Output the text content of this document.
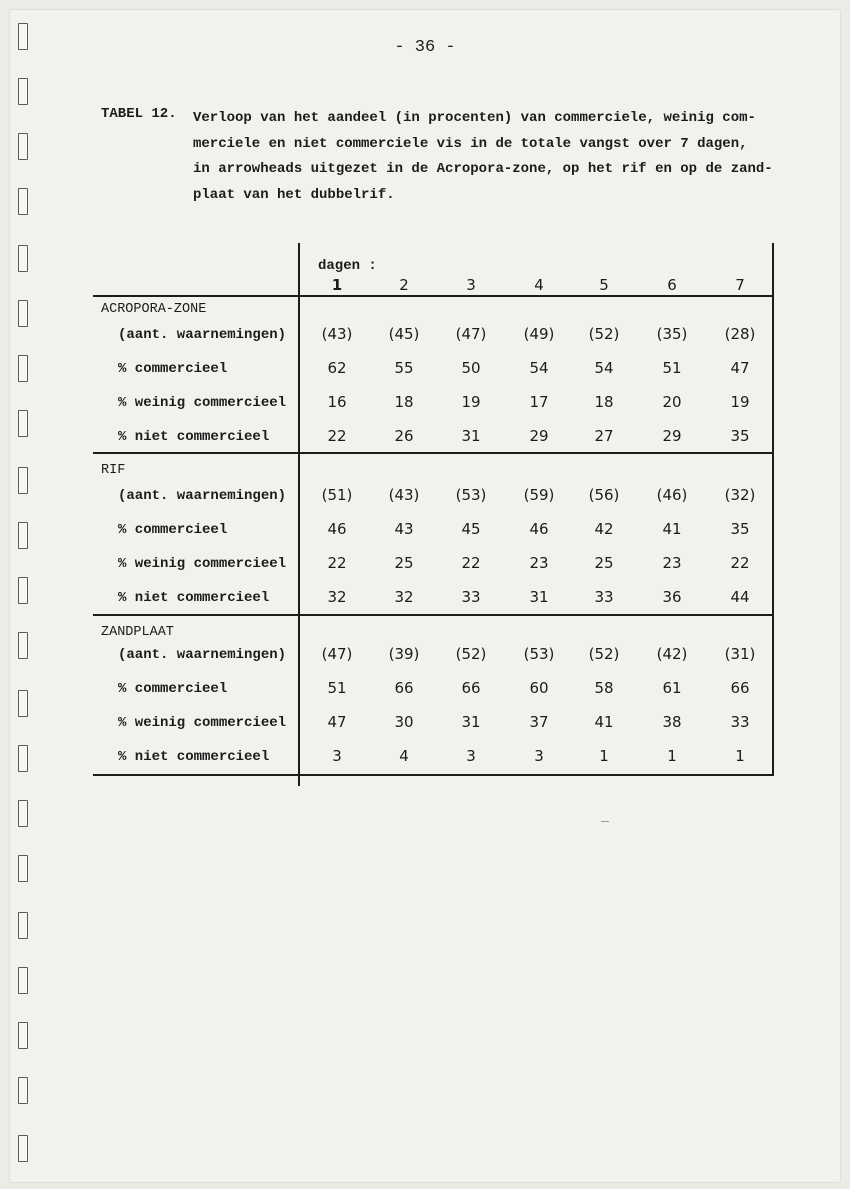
- 36 -
TABEL 12. Verloop van het aandeel (in procenten) van commerciele, weinig com-
merciele en niet commerciele vis in de totale vangst over 7 dagen,
in arrowheads uitgezet in de Acropora-zone, op het rif en op de zand-
plaat van het dubbelrif.
dagen :
1	2	3	4	5	6	7
ACROPORA-ZONE
(aant. waarnemingen)	(43)	(45)	(47)	(49)	(52)	(35)	(28)
% commercieel	62	55	50	54	54	51	47
% weinig commercieel	16	18	19	17	18	20	19
% niet commercieel	22	26	31	29	27	29	35
RIF
(aant. waarnemingen)	(51)	(43)	(53)	(59)	(56)	(46)	(32)
% commercieel	46	43	45	46	42	41	35
% weinig commercieel	22	25	22	23	25	23	22
% niet commercieel	32	32	33	31	33	36	44
ZANDPLAAT
(aant. waarnemingen)	(47)	(39)	(52)	(53)	(52)	(42)	(31)
% commercieel	51	66	66	60	58	61	66
% weinig commercieel	47	30	31	37	41	38	33
% niet commercieel	3	4	3	3	1	1	1
